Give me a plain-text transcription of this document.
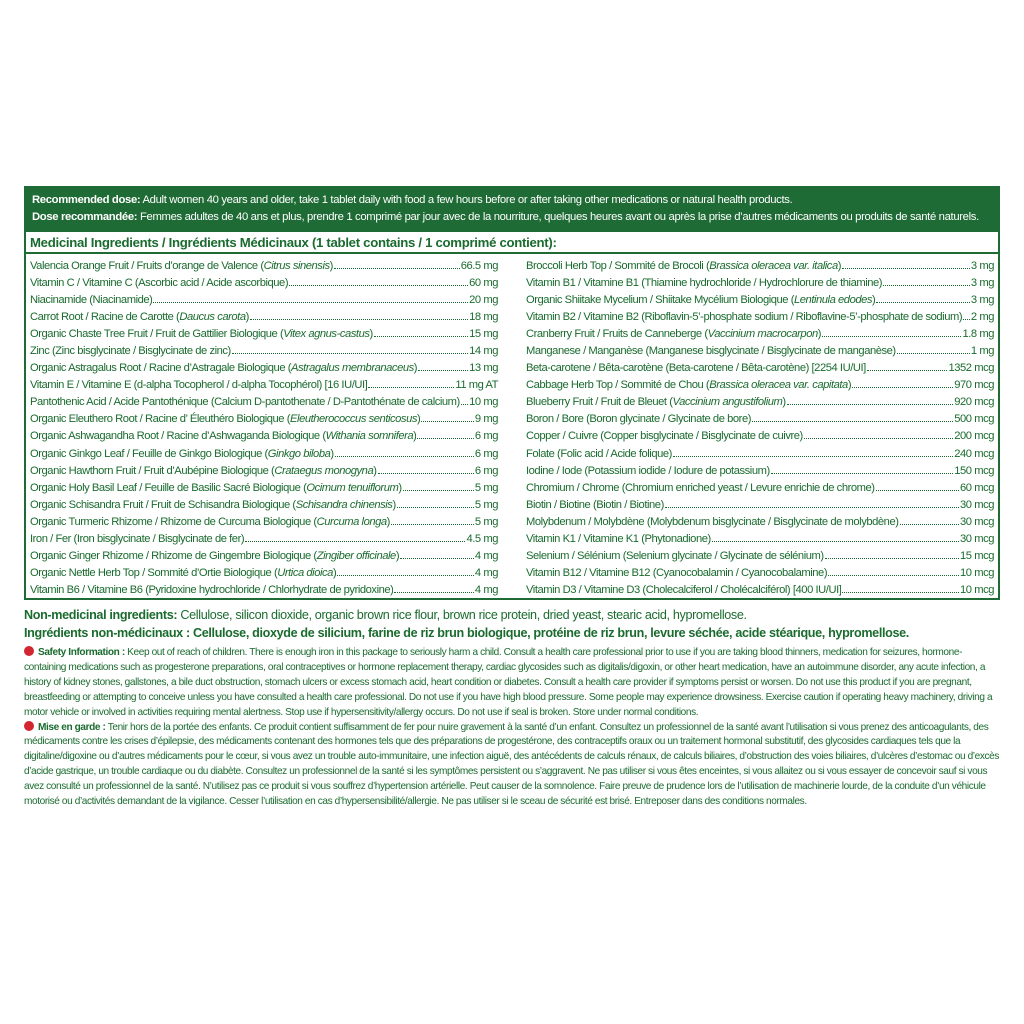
Recommended dose: Adult women 40 years and older, take 1 tablet daily with food a few hours before or after taking other medications or natural health products.
Dose recommandée: Femmes adultes de 40 ans et plus, prendre 1 comprimé par jour avec de la nourriture, quelques heures avant ou après la prise d’autres médicaments ou produits de santé naturels.
Medicinal Ingredients / Ingrédients Médicinaux (1 tablet contains / 1 comprimé contient):
Valencia Orange Fruit / Fruits d’orange de Valence (Citrus sinensis)	66.5 mg
Vitamin C / Vitamine C (Ascorbic acid / Acide ascorbique)	60 mg
Niacinamide (Niacinamide)	20 mg
Carrot Root / Racine de Carotte (Daucus carota)	18 mg
Organic Chaste Tree Fruit / Fruit de Gattilier Biologique (Vitex agnus-castus)	15 mg
Zinc (Zinc bisglycinate / Bisglycinate de zinc)	14 mg
Organic Astragalus Root / Racine d’Astragale Biologique (Astragalus membranaceus)	13 mg
Vitamin E / Vitamine E (d-alpha Tocopherol / d-alpha Tocophérol) [16 IU/UI]	11 mg AT
Pantothenic Acid / Acide Pantothénique (Calcium D-pantothenate / D-Pantothénate de calcium) 10 mg
Organic Eleuthero Root / Racine d’ Éleuthéro Biologique (Eleutherococcus senticosus)	9 mg
Organic Ashwagandha Root / Racine d’Ashwaganda Biologique (Withania somnifera)	6 mg
Organic Ginkgo Leaf / Feuille de Ginkgo Biologique (Ginkgo biloba)	6 mg
Organic Hawthorn Fruit / Fruit d’Aubépine Biologique (Crataegus monogyna)	6 mg
Organic Holy Basil Leaf / Feuille de Basilic Sacré Biologique (Ocimum tenuiflorum)	5 mg
Organic Schisandra Fruit / Fruit de Schisandra Biologique (Schisandra chinensis)	5 mg
Organic Turmeric Rhizome / Rhizome de Curcuma Biologique (Curcuma longa)	5 mg
Iron / Fer (Iron bisglycinate / Bisglycinate de fer)	4.5 mg
Organic Ginger Rhizome / Rhizome de Gingembre Biologique (Zingiber officinale)	4 mg
Organic Nettle Herb Top / Sommité d’Ortie Biologique (Urtica dioica)	4 mg
Vitamin B6 / Vitamine B6 (Pyridoxine hydrochloride / Chlorhydrate de pyridoxine)	4 mg
Broccoli Herb Top / Sommité de Brocoli (Brassica oleracea var. italica)	3 mg
Vitamin B1 / Vitamine B1 (Thiamine hydrochloride / Hydrochlorure de thiamine)	3 mg
Organic Shiitake Mycelium / Shiitake Mycélium Biologique (Lentinula edodes)	3 mg
Vitamin B2 / Vitamine B2 (Riboflavin-5’-phosphate sodium / Riboflavine-5’-phosphate de sodium) 2 mg
Cranberry Fruit / Fruits de Canneberge (Vaccinium macrocarpon)	1.8 mg
Manganese / Manganèse (Manganese bisglycinate / Bisglycinate de manganèse)	1 mg
Beta-carotene / Bêta-carotène (Beta-carotene / Bêta-carotène) [2254 IU/UI]	1352 mcg
Cabbage Herb Top / Sommité de Chou (Brassica oleracea var. capitata)	970 mcg
Blueberry Fruit / Fruit de Bleuet (Vaccinium angustifolium)	920 mcg
Boron / Bore (Boron glycinate / Glycinate de bore)	500 mcg
Copper / Cuivre (Copper bisglycinate / Bisglycinate de cuivre)	200 mcg
Folate (Folic acid / Acide folique)	240 mcg
Iodine / Iode (Potassium iodide / Iodure de potassium)	150 mcg
Chromium / Chrome (Chromium enriched yeast / Levure enrichie de chrome)	60 mcg
Biotin / Biotine (Biotin / Biotine)	30 mcg
Molybdenum / Molybdène (Molybdenum bisglycinate / Bisglycinate de molybdène)	30 mcg
Vitamin K1 / Vitamine K1 (Phytonadione)	30 mcg
Selenium / Sélénium (Selenium glycinate / Glycinate de sélénium)	15 mcg
Vitamin B12 / Vitamine B12 (Cyanocobalamin / Cyanocobalamine)	10 mcg
Vitamin D3 / Vitamine D3 (Cholecalciferol / Cholécalciférol) [400 IU/UI]	10 mcg
Non-medicinal ingredients: Cellulose, silicon dioxide, organic brown rice flour, brown rice protein, dried yeast, stearic acid, hypromellose.
Ingrédients non-médicinaux : Cellulose, dioxyde de silicium, farine de riz brun biologique, protéine de riz brun, levure séchée, acide stéarique, hypromellose.

Safety Information : Keep out of reach of children. There is enough iron in this package to seriously harm a child. Consult a health care professional prior to use if you are taking blood thinners, medication for seizures, hormone-containing medications such as progesterone preparations, oral contraceptives or hormone replacement therapy, cardiac glycosides such as digitalis/digoxin, or other heart medication, have an autoimmune disorder, any acute infection, a history of kidney stones, gallstones, a bile duct obstruction, stomach ulcers or excess stomach acid, heart condition or diabetes. Consult a health care provider if symptoms persist or worsen. Do not use this product if you are pregnant, breastfeeding or attempting to conceive unless you have consulted a health care professional. Do not use if you have high blood pressure. Some people may experience drowsiness. Exercise caution if operating heavy machinery, driving a motor vehicle or involved in activities requiring mental alertness. Stop use if hypersensitivity/allergy occurs. Do not use if seal is broken. Store under normal conditions.

Mise en garde : Tenir hors de la portée des enfants. Ce produit contient suffisamment de fer pour nuire gravement à la santé d’un enfant. Consultez un professionnel de la santé avant l’utilisation si vous prenez des anticoagulants, des médicaments contre les crises d’épilepsie, des médicaments contenant des hormones tels que des préparations de progestérone, des contraceptifs oraux ou un traitement hormonal substitutif, des glycosides cardiaques tels que la digitaline/digoxine ou d’autres médicaments pour le cœur, si vous avez un trouble auto-immunitaire, une infection aiguë, des antécédents de calculs rénaux, de calculs biliaires, d’obstruction des voies biliaires, d’ulcères d’estomac ou d’excès d’acide gastrique, un trouble cardiaque ou du diabète. Consultez un professionnel de la santé si les symptômes persistent ou s’aggravent. Ne pas utiliser si vous êtes enceintes, si vous allaitez ou si vous essayer de concevoir sauf si vous avez consulté un professionnel de la santé. N’utilisez pas ce produit si vous souffrez d’hypertension artérielle. Peut causer de la somnolence. Faire preuve de prudence lors de l’utilisation de machinerie lourde, de la conduite d’un véhicule motorisé ou d’activités demandant de la vigilance. Cesser l’utilisation en cas d’hypersensibilité/allergie. Ne pas utiliser si le sceau de sécurité est brisé. Entreposer dans des conditions normales.
